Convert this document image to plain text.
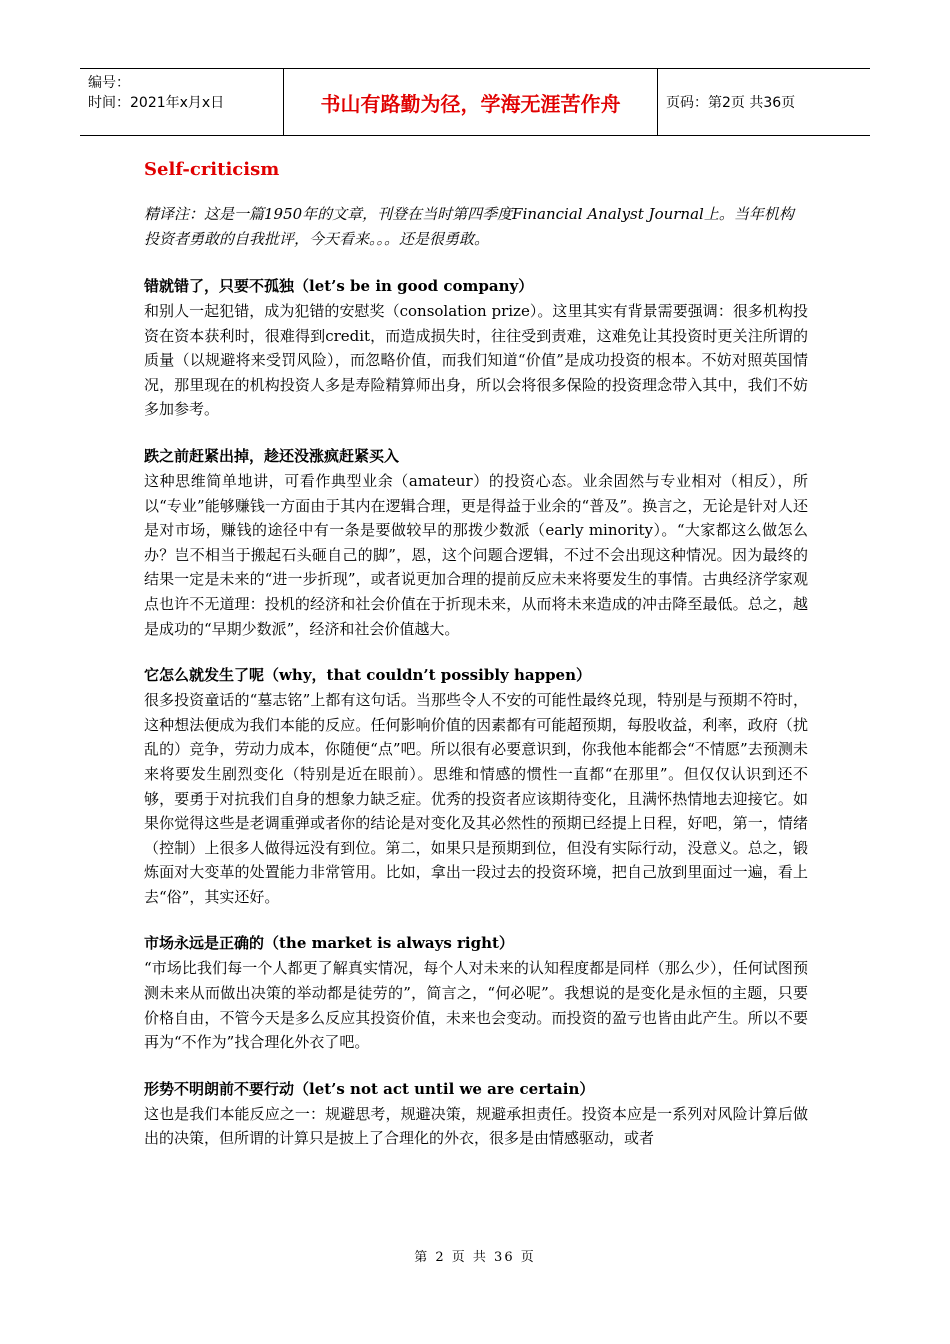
编号：
时间：2021年x月x日	书山有路勤为径，学海无涯苦作舟	页码：第2页 共36页
Self-criticism

精译注：这是一篇1950年的文章，刊登在当时第四季度Financial Analyst Journal上。当年机构投资者勇敢的自我批评，今天看来。。。还是很勇敢。

错就错了，只要不孤独（let’s be in good company）

和别人一起犯错，成为犯错的安慰奖（consolation prize）。这里其实有背景需要强调：很多机构投资在资本获利时，很难得到credit，而造成损失时，往往受到责难，这难免让其投资时更关注所谓的质量（以规避将来受罚风险），而忽略价值，而我们知道“价值”是成功投资的根本。不妨对照英国情况，那里现在的机构投资人多是寿险精算师出身，所以会将很多保险的投资理念带入其中，我们不妨多加参考。

跌之前赶紧出掉，趁还没涨疯赶紧买入

这种思维简单地讲，可看作典型业余（amateur）的投资心态。业余固然与专业相对（相反），所以“专业”能够赚钱一方面由于其内在逻辑合理，更是得益于业余的“普及”。换言之，无论是针对人还是对市场，赚钱的途径中有一条是要做较早的那拨少数派（early minority）。“大家都这么做怎么办？岂不相当于搬起石头砸自己的脚”，恩，这个问题合逻辑，不过不会出现这种情况。因为最终的结果一定是未来的“进一步折现”，或者说更加合理的提前反应未来将要发生的事情。古典经济学家观点也许不无道理：投机的经济和社会价值在于折现未来，从而将未来造成的冲击降至最低。总之，越是成功的“早期少数派”，经济和社会价值越大。

它怎么就发生了呢（why，that couldn’t possibly happen）

很多投资童话的“墓志铭”上都有这句话。当那些令人不安的可能性最终兑现，特别是与预期不符时，这种想法便成为我们本能的反应。任何影响价值的因素都有可能超预期，每股收益，利率，政府（扰乱的）竞争，劳动力成本，你随便“点”吧。所以很有必要意识到，你我他本能都会“不情愿”去预测未来将要发生剧烈变化（特别是近在眼前）。思维和情感的惯性一直都“在那里”。但仅仅认识到还不够，要勇于对抗我们自身的想象力缺乏症。优秀的投资者应该期待变化，且满怀热情地去迎接它。如果你觉得这些是老调重弹或者你的结论是对变化及其必然性的预期已经提上日程，好吧，第一，情绪（控制）上很多人做得远没有到位。第二，如果只是预期到位，但没有实际行动，没意义。总之，锻炼面对大变革的处置能力非常管用。比如，拿出一段过去的投资环境，把自己放到里面过一遍，看上去“俗”，其实还好。

市场永远是正确的（the market is always right）

“市场比我们每一个人都更了解真实情况，每个人对未来的认知程度都是同样（那么少），任何试图预测未来从而做出决策的举动都是徒劳的”，简言之，“何必呢”。我想说的是变化是永恒的主题，只要价格自由，不管今天是多么反应其投资价值，未来也会变动。而投资的盈亏也皆由此产生。所以不要再为“不作为”找合理化外衣了吧。

形势不明朗前不要行动（let’s not act until we are certain）

这也是我们本能反应之一：规避思考，规避决策，规避承担责任。投资本应是一系列对风险计算后做出的决策，但所谓的计算只是披上了合理化的外衣，很多是由情感驱动，或者

第 2 页 共 36 页
